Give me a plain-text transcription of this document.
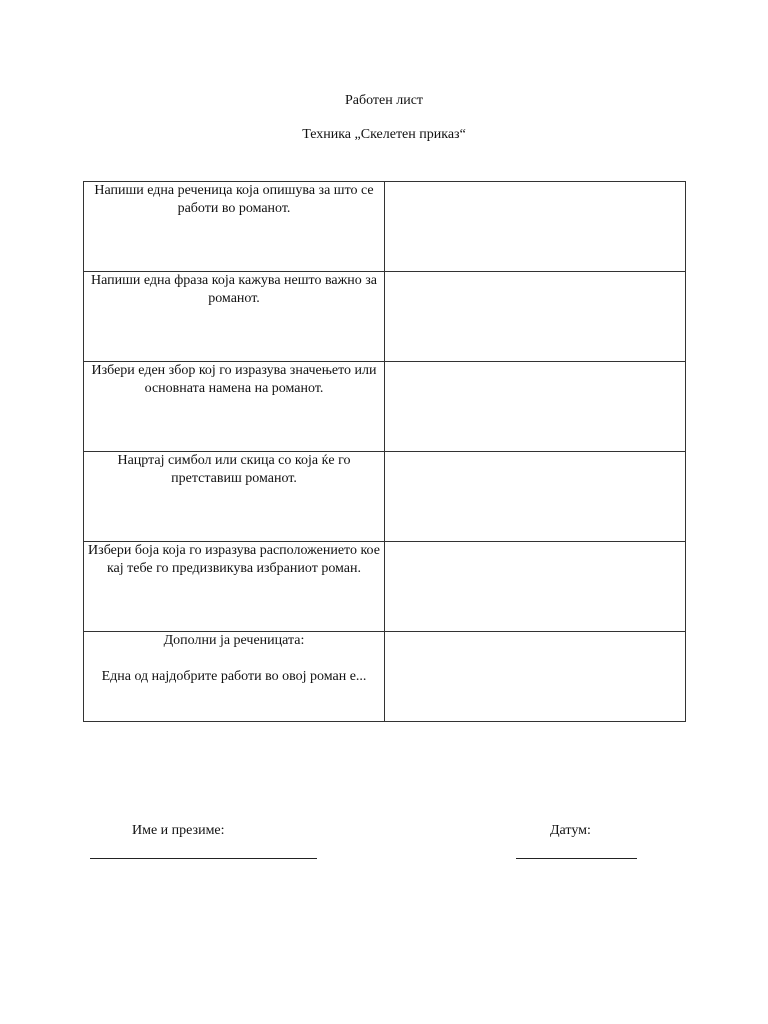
Работен лист
Техника „Скелетен приказ“
Напиши една реченица која опишува за што се работи во романот.	
Напиши една фраза која кажува нешто важно за романот.	
Избери еден збор кој го изразува значењето или основната намена на романот.	
Нацртај симбол или скица со која ќе го претставиш романот.	
Избери боја која го изразува расположението кое кај тебе го предизвикува избраниот роман.	

Дополни ја реченицата:
Една од најдобрите работи во овој роман е...	

Име и презиме:	Датум:
